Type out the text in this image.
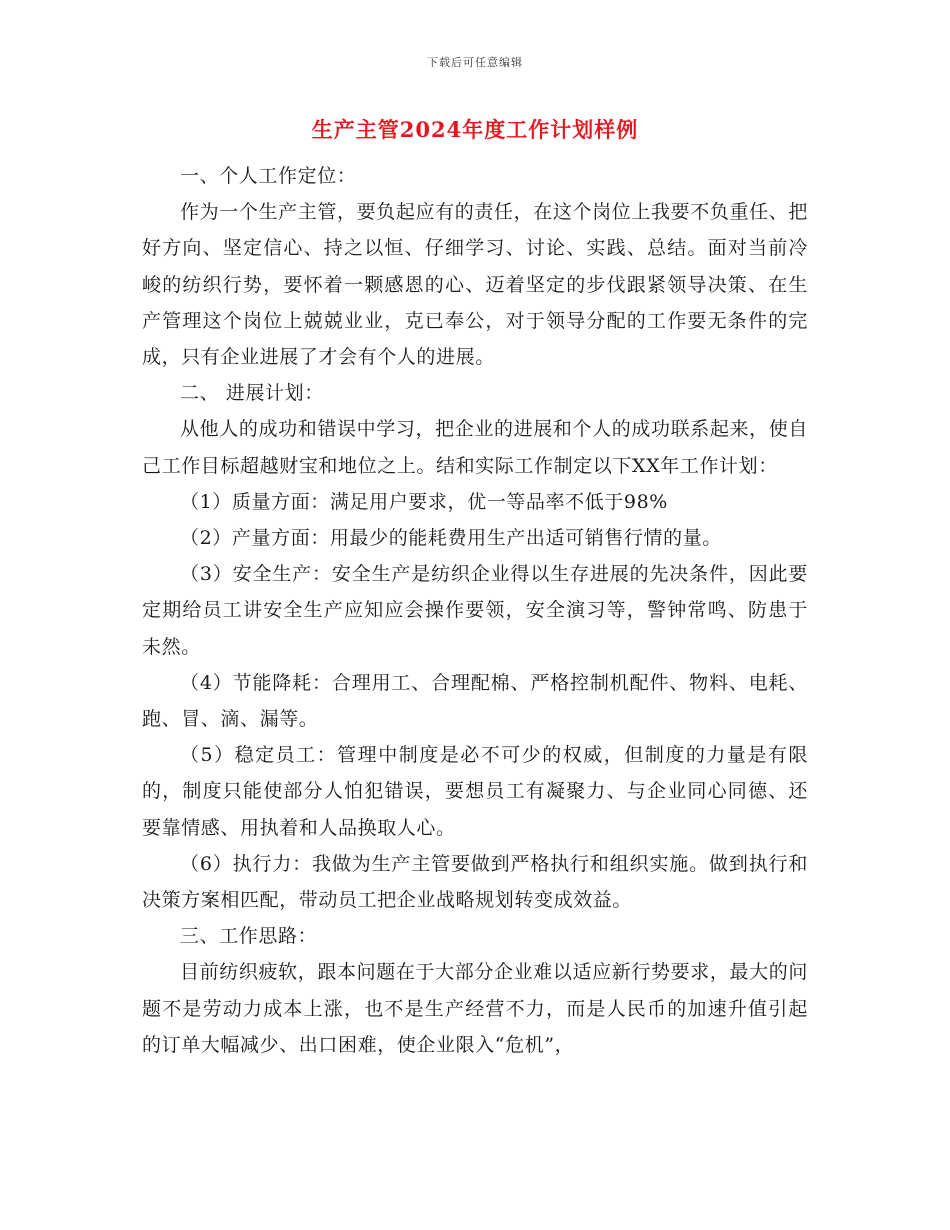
下载后可任意编辑
生产主管2024年度工作计划样例

一、个人工作定位：

作为一个生产主管，要负起应有的责任，在这个岗位上我要不负重任、把好方向、坚定信心、持之以恒、仔细学习、讨论、实践、总结。面对当前冷峻的纺织行势，要怀着一颗感恩的心、迈着坚定的步伐跟紧领导决策、在生产管理这个岗位上兢兢业业，克已奉公，对于领导分配的工作要无条件的完成，只有企业进展了才会有个人的进展。

二、 进展计划：

从他人的成功和错误中学习，把企业的进展和个人的成功联系起来，使自己工作目标超越财宝和地位之上。结和实际工作制定以下XX年工作计划：

（1）质量方面：满足用户要求，优一等品率不低于98%

（2）产量方面：用最少的能耗费用生产出适可销售行情的量。

（3）安全生产：安全生产是纺织企业得以生存进展的先决条件，因此要定期给员工讲安全生产应知应会操作要领，安全演习等，警钟常鸣、防患于未然。

（4）节能降耗：合理用工、合理配棉、严格控制机配件、物料、电耗、跑、冒、滴、漏等。

（5）稳定员工：管理中制度是必不可少的权威，但制度的力量是有限的，制度只能使部分人怕犯错误，要想员工有凝聚力、与企业同心同德、还要靠情感、用执着和人品换取人心。

（6）执行力：我做为生产主管要做到严格执行和组织实施。做到执行和决策方案相匹配，带动员工把企业战略规划转变成效益。

三、工作思路：

目前纺织疲软，跟本问题在于大部分企业难以适应新行势要求，最大的问题不是劳动力成本上涨，也不是生产经营不力，而是人民币的加速升值引起的订单大幅减少、出口困难，使企业限入“危机”，
